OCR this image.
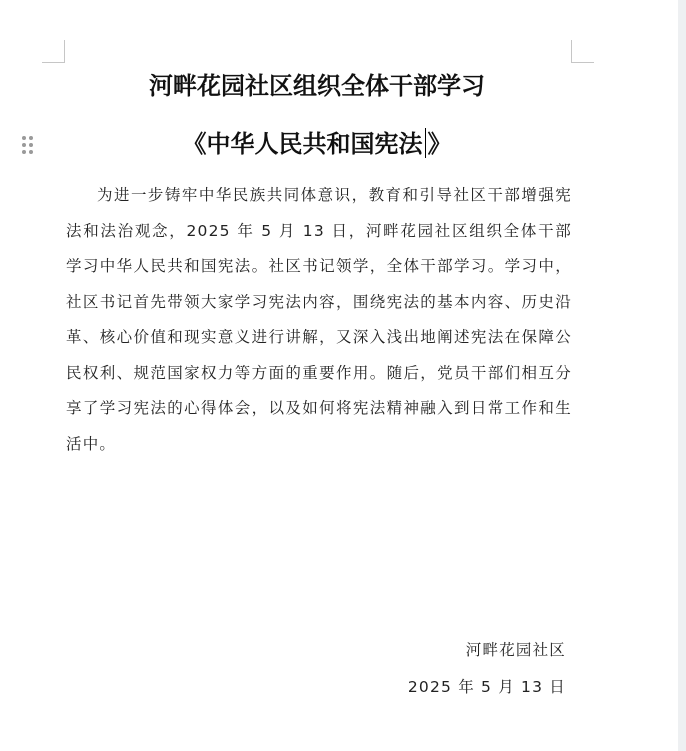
河畔花园社区组织全体干部学习
《中华人民共和国宪法 》

为进一步铸牢中华民族共同体意识，教育和引导社区干部增强宪法和法治观念，2025 年 5 月 13 日，河畔花园社区组织全体干部学习中华人民共和国宪法。社区书记领学，全体干部学习。学习中，社区书记首先带领大家学习宪法内容，围绕宪法的基本内容、历史沿革、核心价值和现实意义进行讲解，又深入浅出地阐述宪法在保障公民权利、规范国家权力等方面的重要作用。随后，党员干部们相互分享了学习宪法的心得体会，以及如何将宪法精神融入到日常工作和生活中。

河畔花园社区
2025 年 5 月 13 日
